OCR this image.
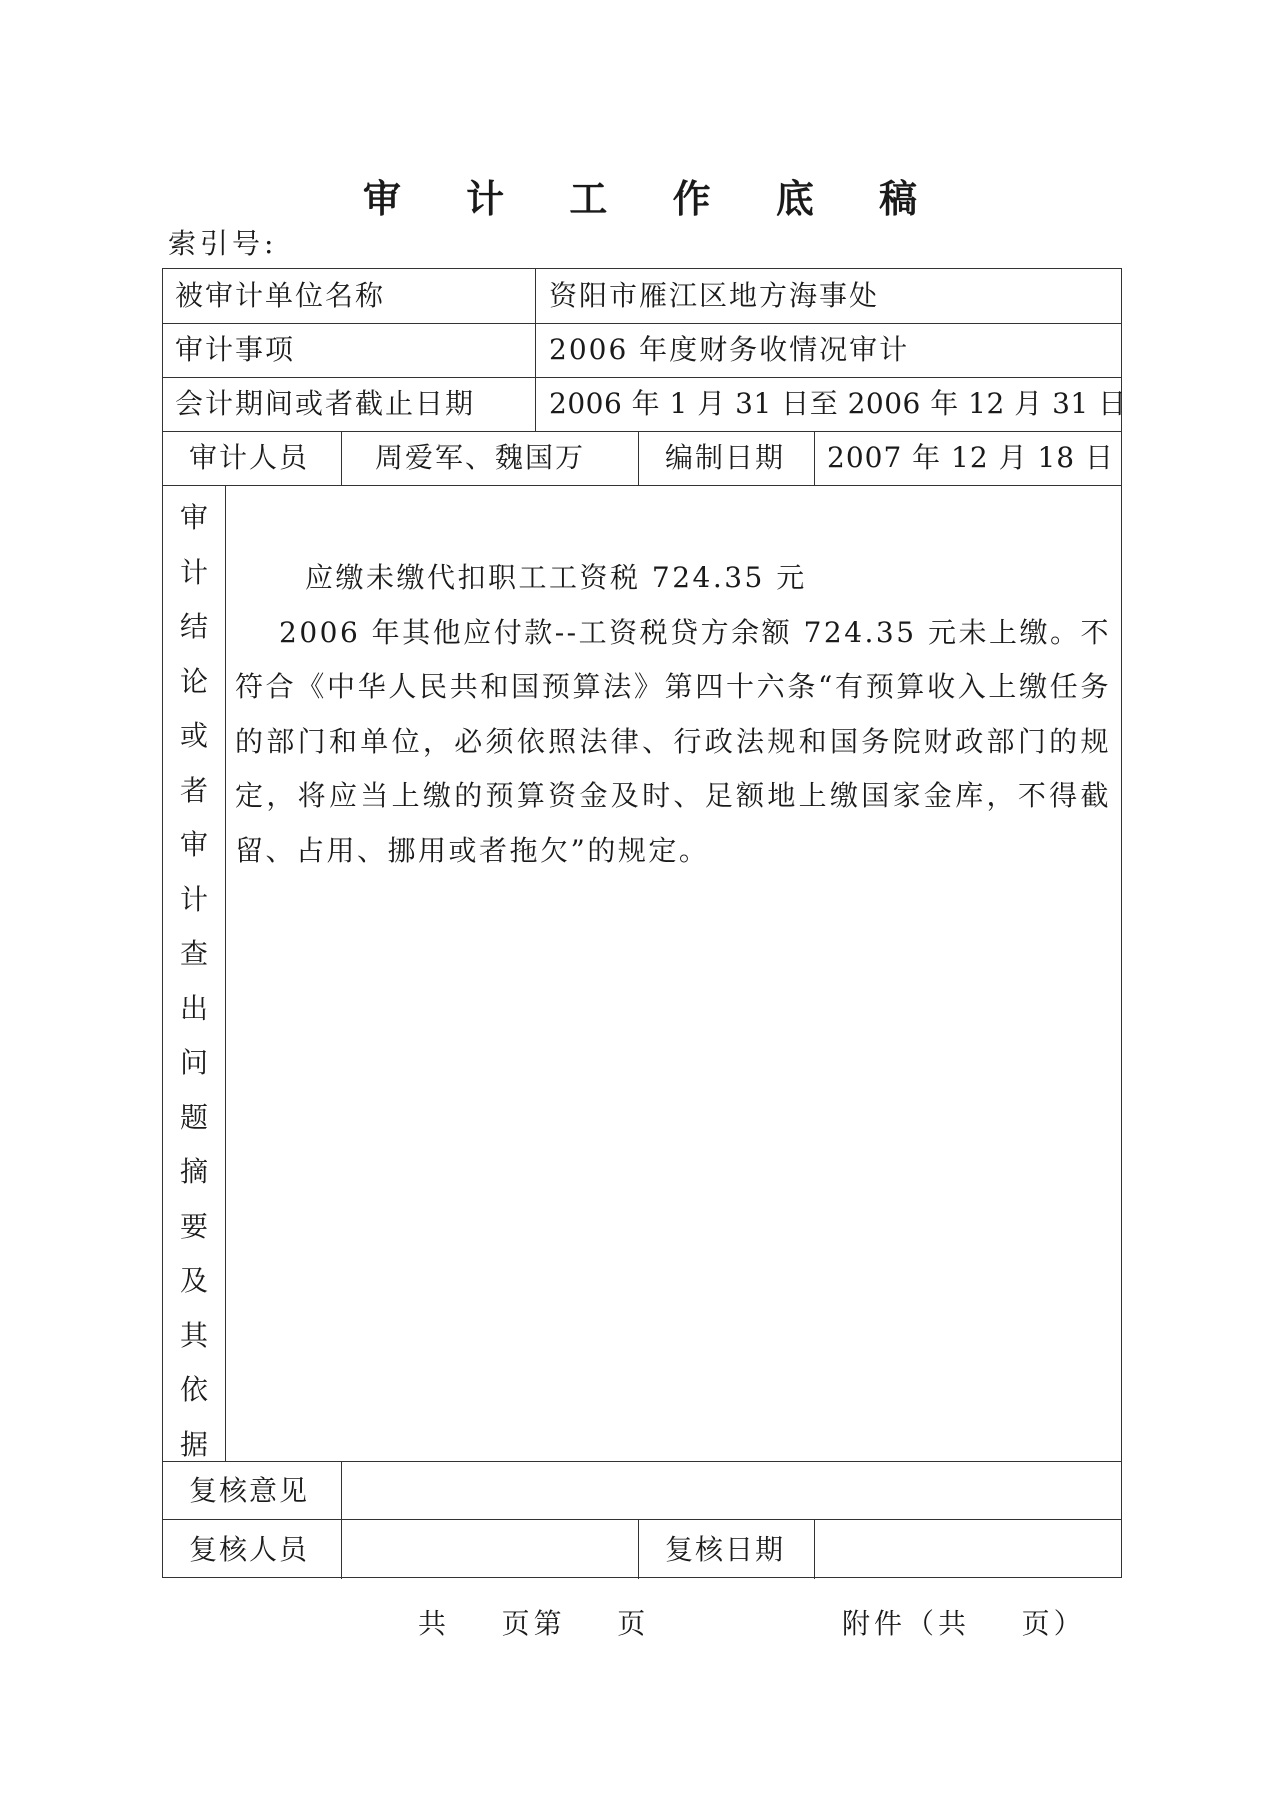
审 计 工 作 底 稿
索引号:
被审计单位名称	资阳市雁江区地方海事处
审计事项	2006 年度财务收情况审计
会计期间或者截止日期	2006 年 1 月 31 日至 2006 年 12 月 31 日
审计人员 周爱军、魏国万	编制日期 2007 年 12 月 18 日
审
计
结
论
或
者
审
计
查
出
问
题
摘
要
及
其
依
据

应缴未缴代扣职工工资税 724.35 元

2006 年其他应付款--工资税贷方余额 724.35 元未上缴。不符合《中华人民共和国预算法》第四十六条“有预算收入上缴任务的部门和单位，必须依照法律、行政法规和国务院财政部门的规定，将应当上缴的预算资金及时、足额地上缴国家金库，不得截留、占用、挪用或者拖欠”的规定。

复核意见
复核人员	复核日期
共    页第    页	附件（共    页）
